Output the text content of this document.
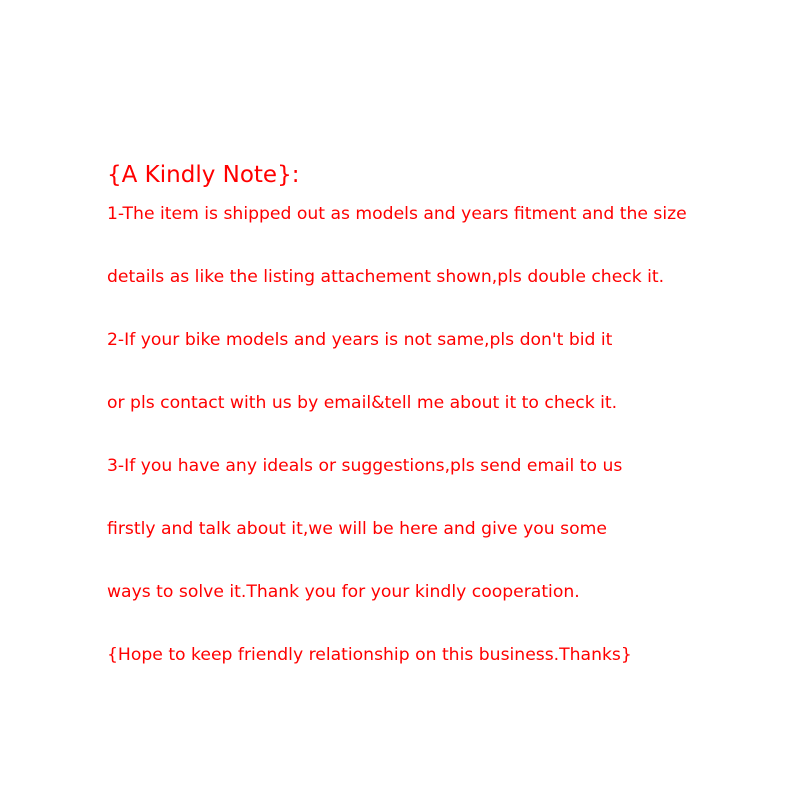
{A Kindly Note}:
1-The item is shipped out as models and years fitment and the size
details as like the listing attachement shown,pls double check it.
2-If your bike models and years is not same,pls don't bid it
or pls contact with us by email&tell me about it to check it.
3-If you have any ideals or suggestions,pls send email to us
firstly and talk about it,we will be here and give you some
ways to solve it.Thank you for your kindly cooperation.
{Hope to keep friendly relationship on this business.Thanks}
